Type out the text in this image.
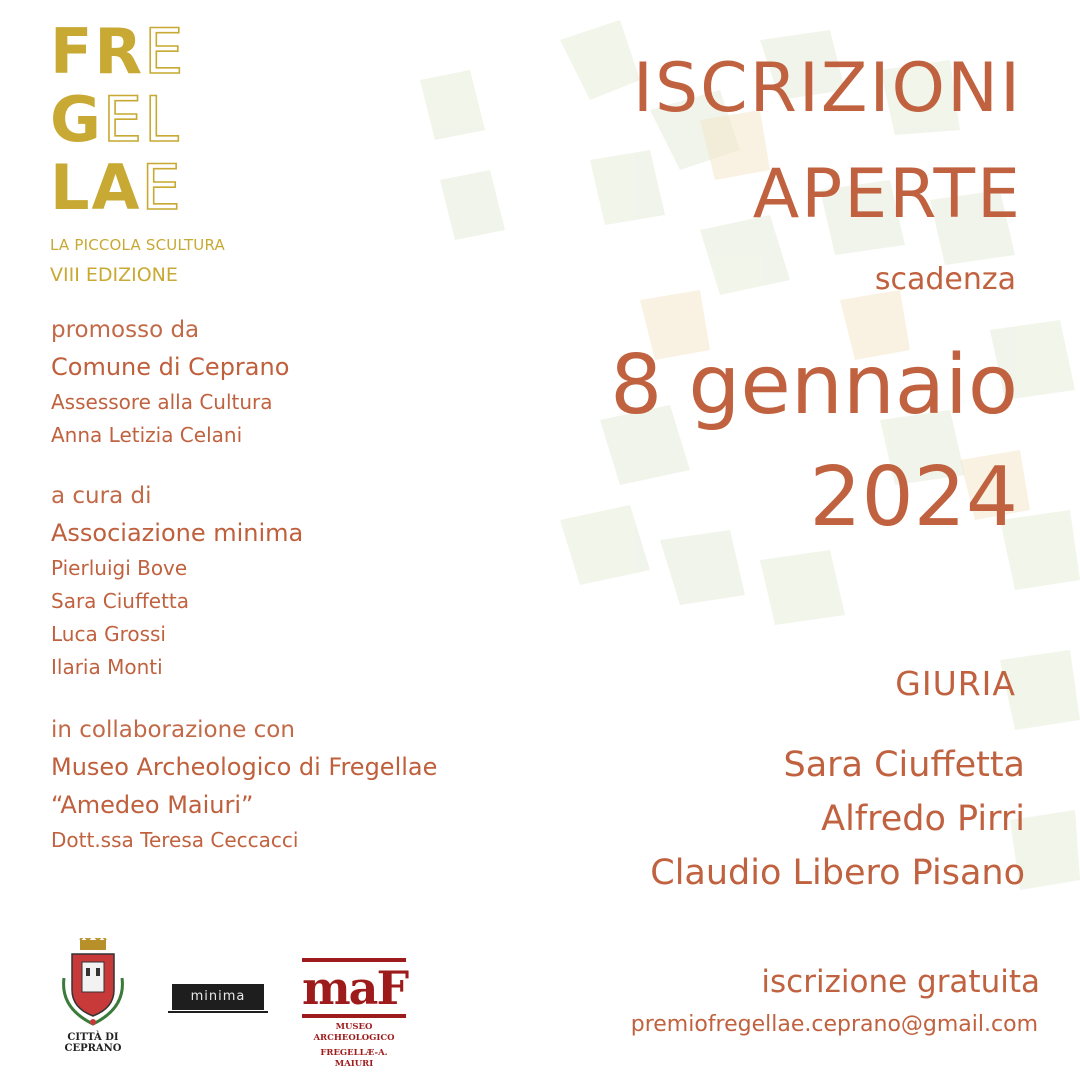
FRE
GEL
LAE
LA PICCOLA SCULTURA
VIII EDIZIONE
promosso da
Comune di Ceprano
Assessore alla Cultura
Anna Letizia Celani
a cura di
Associazione minima
Pierluigi Bove
Sara Ciuffetta
Luca Grossi
Ilaria Monti
in collaborazione con
Museo Archeologico di Fregellae
“Amedeo Maiuri”
Dott.ssa Teresa Ceccacci
ISCRIZIONI
APERTE
scadenza
8 gennaio
2024
GIURIA
Sara Ciuffetta
Alfredo Pirri
Claudio Libero Pisano
iscrizione gratuita
premiofregellae.ceprano@gmail.com
CITTÀ DI CEPRANO
minima	maF
MUSEO ARCHEOLOGICO
FREGELLÆ-A. MAIURI
